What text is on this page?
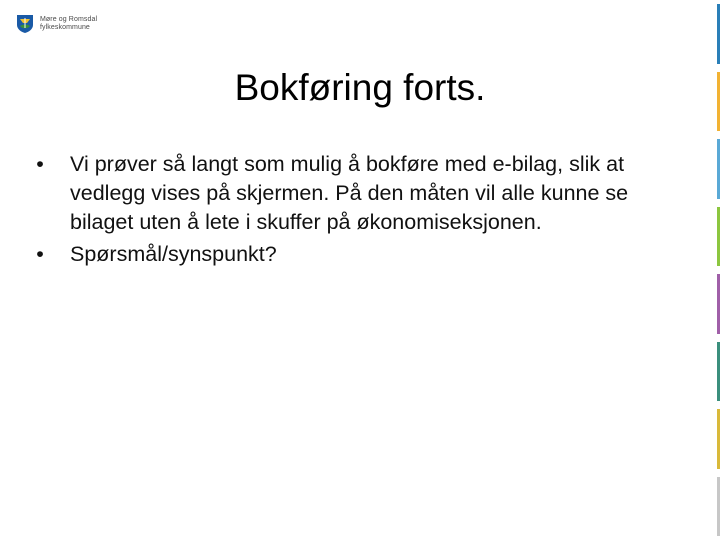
Møre og Romsdal
fylkeskommune
Bokføring forts.
• Vi prøver så langt som mulig å bokføre med e-bilag, slik at vedlegg vises på skjermen. På den måten vil alle kunne se bilaget uten å lete i skuffer på økonomiseksjonen.
• Spørsmål/synspunkt?
